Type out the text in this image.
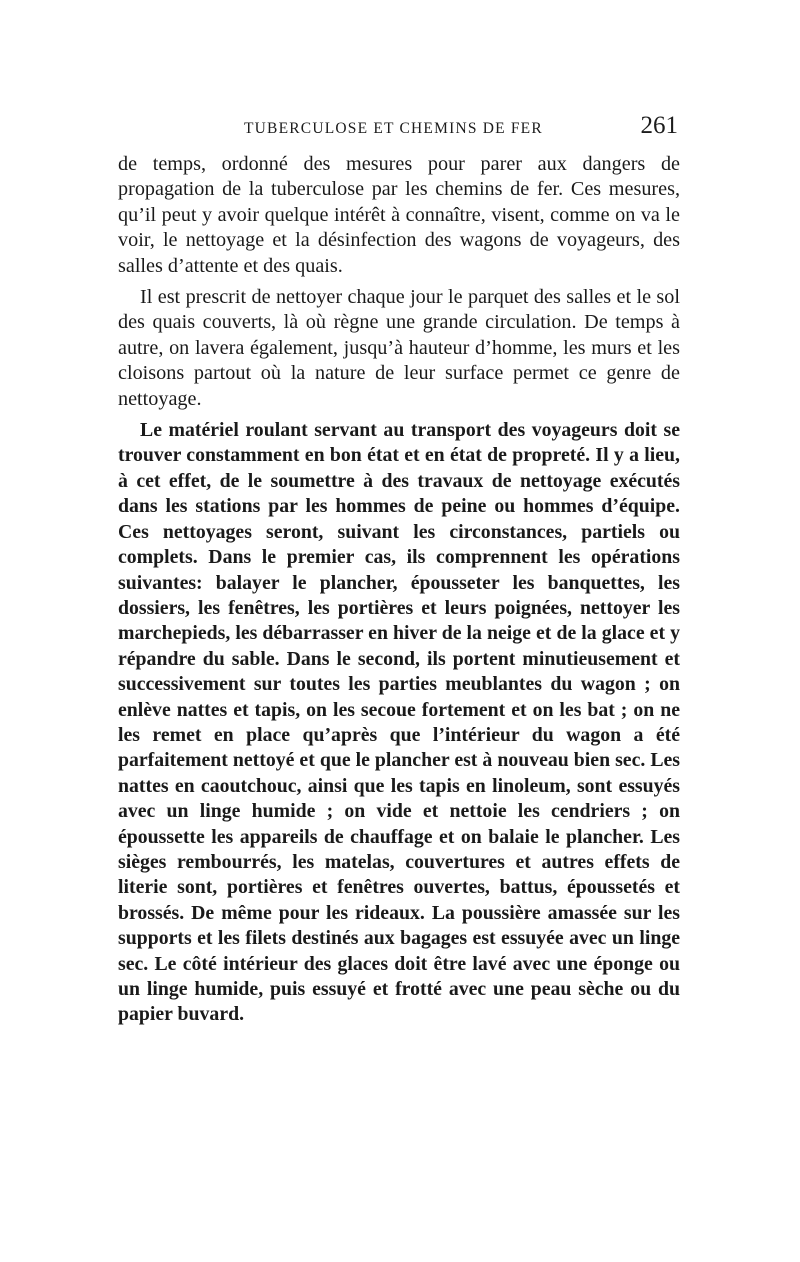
TUBERCULOSE ET CHEMINS DE FER	261

de temps, ordonné des mesures pour parer aux dangers de propagation de la tuberculose par les chemins de fer. Ces mesures, qu’il peut y avoir quelque intérêt à connaître, visent, comme on va le voir, le nettoyage et la désinfection des wagons de voyageurs, des salles d’attente et des quais.

Il est prescrit de nettoyer chaque jour le parquet des salles et le sol des quais couverts, là où règne une grande circulation. De temps à autre, on lavera également, jusqu’à hauteur d’homme, les murs et les cloisons partout où la nature de leur surface permet ce genre de nettoyage.

Le matériel roulant servant au transport des voyageurs doit se trouver constamment en bon état et en état de propreté. Il y a lieu, à cet effet, de le soumettre à des travaux de nettoyage exécutés dans les stations par les hommes de peine ou hommes d’équipe. Ces nettoyages seront, suivant les circonstances, partiels ou complets. Dans le premier cas, ils comprennent les opérations suivantes: balayer le plancher, épousseter les banquettes, les dossiers, les fenêtres, les portières et leurs poignées, nettoyer les marchepieds, les débarrasser en hiver de la neige et de la glace et y répandre du sable. Dans le second, ils portent minutieusement et successivement sur toutes les parties meublantes du wagon ; on enlève nattes et tapis, on les secoue fortement et on les bat ; on ne les remet en place qu’après que l’intérieur du wagon a été parfaitement nettoyé et que le plancher est à nouveau bien sec. Les nattes en caoutchouc, ainsi que les tapis en linoleum, sont essuyés avec un linge humide ; on vide et nettoie les cendriers ; on époussette les appareils de chauffage et on balaie le plancher. Les sièges rembourrés, les matelas, couvertures et autres effets de literie sont, portières et fenêtres ouvertes, battus, époussetés et brossés. De même pour les rideaux. La poussière amassée sur les supports et les filets destinés aux bagages est essuyée avec un linge sec. Le côté intérieur des glaces doit être lavé avec une éponge ou un linge humide, puis essuyé et frotté avec une peau sèche ou du papier buvard.
